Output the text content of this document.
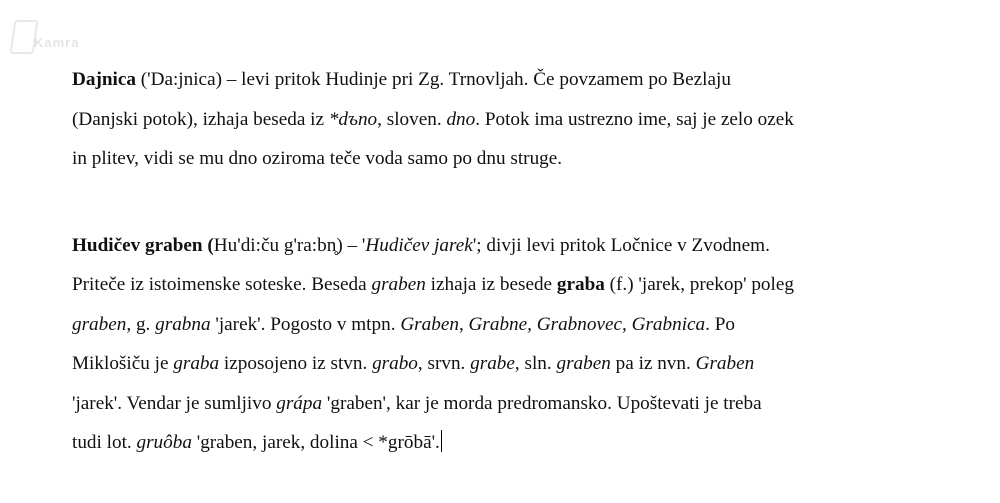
Kamra

Dajnica ('Da:jnica) – levi pritok Hudinje pri Zg. Trnovljah. Če povzamem po Bezlaju
(Danjski potok), izhaja beseda iz *dъno, sloven. dno. Potok ima ustrezno ime, saj je zelo ozek
in plitev, vidi se mu dno oziroma teče voda samo po dnu struge.

Hudičev graben (Hu'di:ču g'ra:bn̥) – 'Hudičev jarek'; divji levi pritok Ločnice v Zvodnem.
Priteče iz istoimenske soteske. Beseda graben izhaja iz besede graba (f.) 'jarek, prekop' poleg
graben, g. grabna 'jarek'. Pogosto v mtpn. Graben, Grabne, Grabnovec, Grabnica. Po
Miklošiču je graba izposojeno iz stvn. grabo, srvn. grabe, sln. graben pa iz nvn. Graben
'jarek'. Vendar je sumljivo grápa 'graben', kar je morda predromansko. Upoštevati je treba
tudi lot. gruôba 'graben, jarek, dolina < *grōbā'.
